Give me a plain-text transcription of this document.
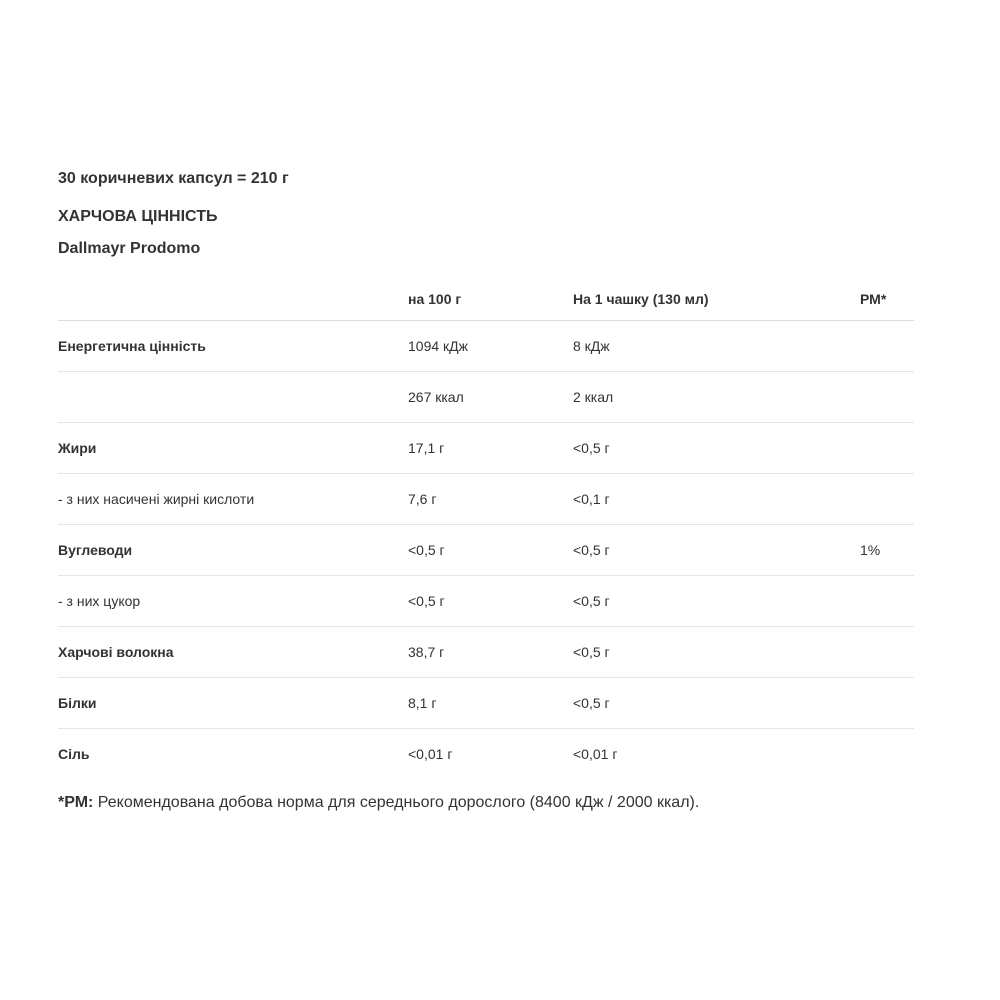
30 коричневих капсул = 210 г
ХАРЧОВА ЦІННІСТЬ
Dallmayr Prodomo
	на 100 г	На 1 чашку (130 мл)	РМ*
Енергетична цінність	1094 кДж	8 кДж	
	267 ккал	2 ккал	
Жири	17,1 г	<0,5 г	
- з них насичені жирні кислоти	7,6 г	<0,1 г	
Вуглеводи	<0,5 г	<0,5 г	1%
- з них цукор	<0,5 г	<0,5 г	
Харчові волокна	38,7 г	<0,5 г	
Білки	8,1 г	<0,5 г	
Сіль	<0,01 г	<0,01 г	
*РМ: Рекомендована добова норма для середнього дорослого (8400 кДж / 2000 ккал).
